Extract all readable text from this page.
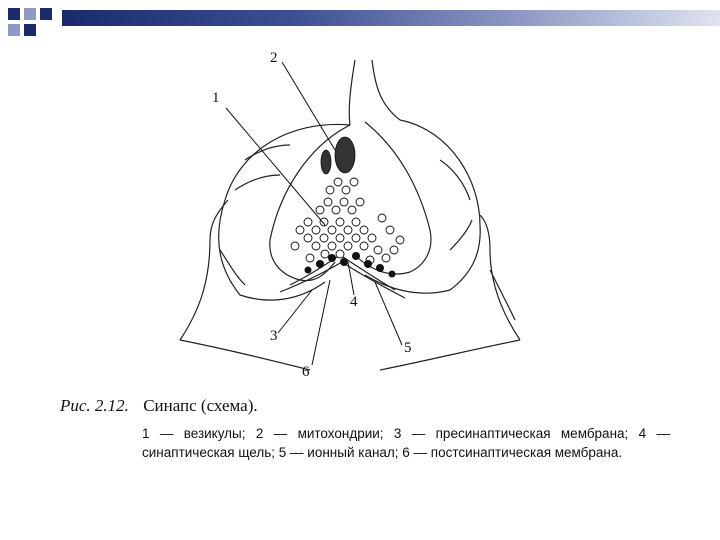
1
2
3
4
5
6
Рис. 2.12. Синапс (схема).
1 — везикулы; 2 — митохондрии; 3 — пресинаптическая мембрана; 4 — синаптическая щель; 5 — ионный канал; 6 — постсинаптическая мембрана.
